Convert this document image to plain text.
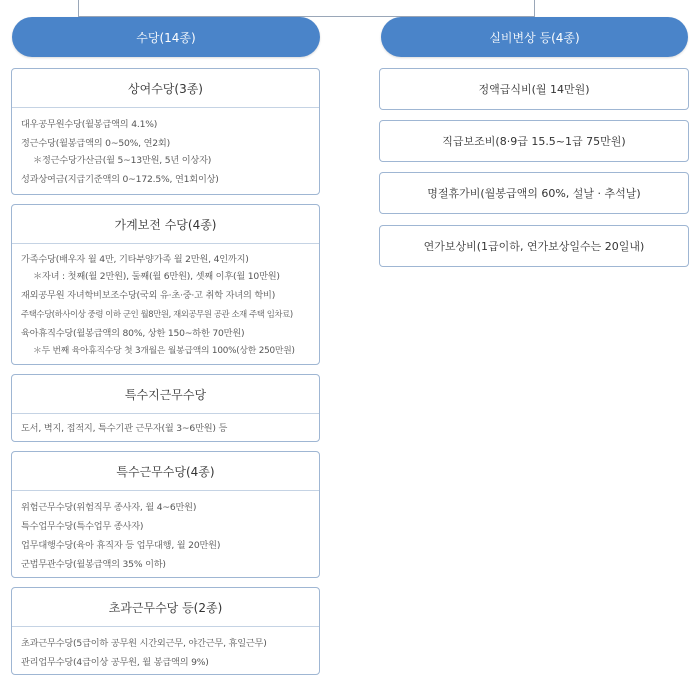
수당(14종)	실비변상 등(4종)
상여수당(3종)
대우공무원수당(월봉급액의 4.1%)
정근수당(월봉급액의 0~50%, 연2회)
＊정근수당가산금(월 5~13만원, 5년 이상자)
성과상여금(지급기준액의 0~172.5%, 연1회이상)
가계보전 수당(4종)
가족수당(배우자 월 4만, 기타부양가족 월 2만원, 4인까지)
＊자녀 : 첫째(월 2만원), 둘째(월 6만원), 셋째 이후(월 10만원)
재외공무원 자녀학비보조수당(국외 유·초·중·고 취학 자녀의 학비)
주택수당(하사이상 중령 이하 군인 월8만원, 재외공무원 공관 소재 주택 임차료)
육아휴직수당(월봉급액의 80%, 상한 150~하한 70만원)
＊두 번째 육아휴직수당 첫 3개월은 월봉급액의 100%(상한 250만원)
특수지근무수당
도서, 벽지, 접적지, 특수기관 근무자(월 3~6만원) 등
특수근무수당(4종)
위험근무수당(위험직무 종사자, 월 4~6만원)
특수업무수당(특수업무 종사자)
업무대행수당(육아 휴직자 등 업무대행, 월 20만원)
군법무관수당(월봉급액의 35% 이하)
초과근무수당 등(2종)
초과근무수당(5급이하 공무원 시간외근무, 야간근무, 휴일근무)
관리업무수당(4급이상 공무원, 월 봉급액의 9%)
정액급식비(월 14만원)
직급보조비(8·9급 15.5~1급 75만원)
명절휴가비(월봉급액의 60%, 설날 · 추석날)
연가보상비(1급이하, 연가보상일수는 20일내)
